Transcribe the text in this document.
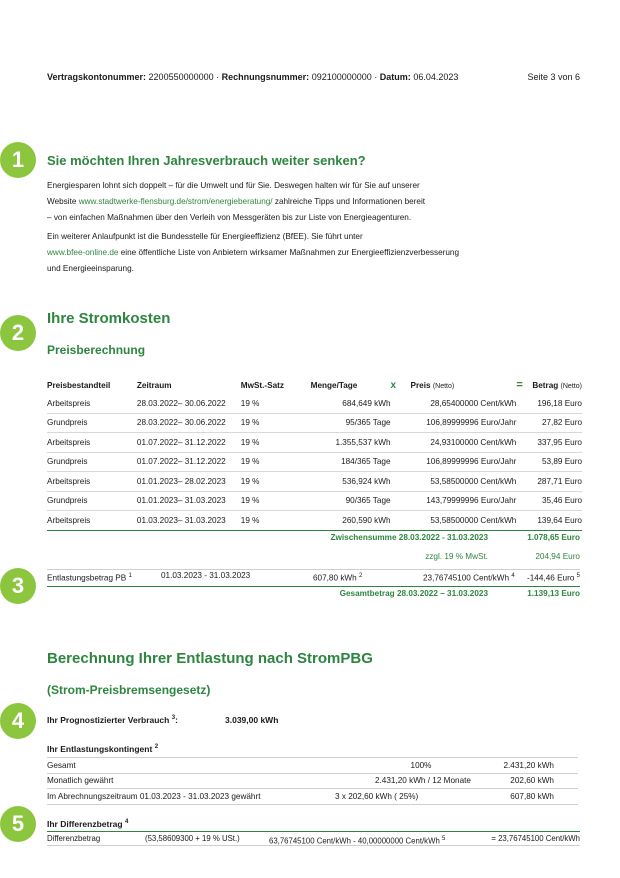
Vertragskontonummer: 2200550000000 · Rechnungsnummer: 092100000000 · Datum: 06.04.2023	Seite 3 von 6
1
2
3
4
5
Sie möchten Ihren Jahresverbrauch weiter senken?
Energiesparen lohnt sich doppelt – für die Umwelt und für Sie. Deswegen halten wir für Sie auf unserer
Website www.stadtwerke-flensburg.de/strom/energieberatung/ zahlreiche Tipps und Informationen bereit
– von einfachen Maßnahmen über den Verleih von Messgeräten bis zur Liste von Energieagenturen.
Ein weiterer Anlaufpunkt ist die Bundesstelle für Energieeffizienz (BfEE). Sie führt unter
www.bfee-online.de eine öffentliche Liste von Anbietern wirksamer Maßnahmen zur Energieeffizienzverbesserung
und Energieeinsparung.
Ihre Stromkosten
Preisberechnung
Preisbestandteil	Zeitraum	MwSt.-Satz	Menge/Tage	x	Preis (Netto)	=	Betrag (Netto)
Arbeitspreis	28.03.2022– 30.06.2022	19 %	684,649 kWh		28,65400000 Cent/kWh		196,18 Euro
Grundpreis	28.03.2022– 30.06.2022	19 %	95/365 Tage		106,89999996 Euro/Jahr		27,82 Euro
Arbeitspreis	01.07.2022– 31.12.2022	19 %	1.355,537 kWh		24,93100000 Cent/kWh		337,95 Euro
Grundpreis	01.07.2022– 31.12.2022	19 %	184/365 Tage		106,89999996 Euro/Jahr		53,89 Euro
Arbeitspreis	01.01.2023– 28.02.2023	19 %	536,924 kWh		53,58500000 Cent/kWh		287,71 Euro
Grundpreis	01.01.2023– 31.03.2023	19 %	90/365 Tage		143,79999996 Euro/Jahr		35,46 Euro
Arbeitspreis	01.03.2023– 31.03.2023	19 %	260,590 kWh		53,58500000 Cent/kWh		139,64 Euro
Zwischensumme 28.03.2022 - 31.03.2023	1.078,65 Euro
zzgl. 19 % MwSt.	204,94 Euro
Entlastungsbetrag PB $^1$	01.03.2023 - 31.03.2023	607,80 kWh $^2$	23,76745100 Cent/kWh $^4$ -144,46 Euro $^5$
Gesamtbetrag 28.03.2022 – 31.03.2023	1.139,13 Euro
Berechnung Ihrer Entlastung nach StromPBG
(Strom-Preisbremsengesetz)
Ihr Prognostizierter Verbrauch $^3$:	3.039,00 kWh
Ihr Entlastungskontingent $^2$
Gesamt	100%	2.431,20 kWh
Monatlich gewährt	2.431,20 kWh / 12 Monate	202,60 kWh
Im Abrechnungszeitraum 01.03.2023 - 31.03.2023 gewährt	3 x 202,60 kWh ( 25%)	607,80 kWh
Ihr Differenzbetrag $^4$
Differenzbetrag	(53,58609300 + 19 % USt.)	63,76745100 Cent/kWh - 40,00000000 Cent/kWh $^5$	= 23,76745100 Cent/kWh
